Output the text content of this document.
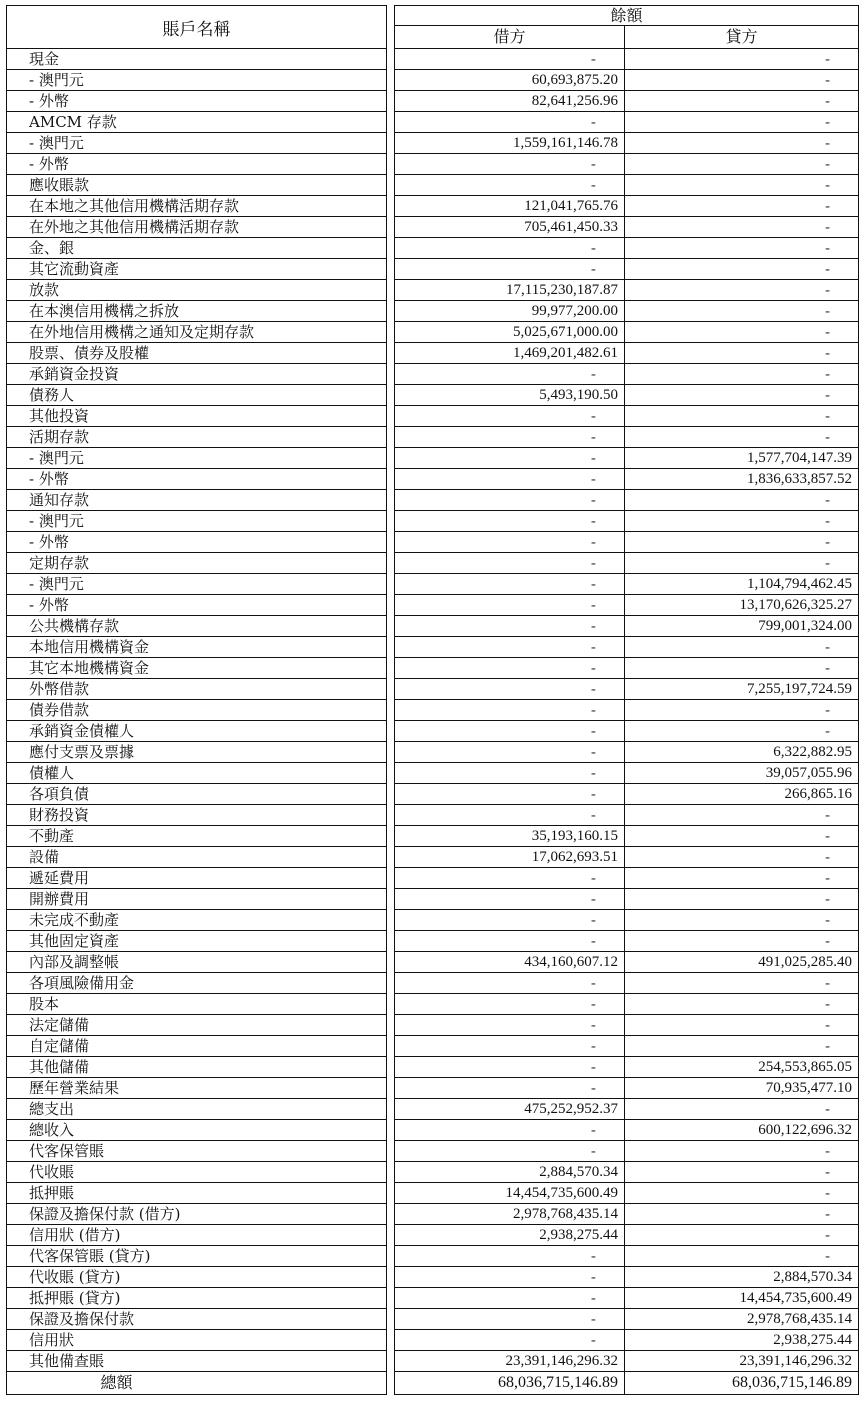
賬戶名稱		餘額	
		借方	貸方
現金		-	-
- 澳門元		60,693,875.20	-
- 外幣		82,641,256.96	-
AMCM 存款		-	-
- 澳門元		1,559,161,146.78	-
- 外幣		-	-
應收賬款		-	-
在本地之其他信用機構活期存款		121,041,765.76	-
在外地之其他信用機構活期存款		705,461,450.33	-
金、銀		-	-
其它流動資產		-	-
放款		17,115,230,187.87	-
在本澳信用機構之拆放		99,977,200.00	-
在外地信用機構之通知及定期存款		5,025,671,000.00	-
股票、債券及股權		1,469,201,482.61	-
承銷資金投資		-	-
債務人		5,493,190.50	-
其他投資		-	-
活期存款		-	-
- 澳門元		-	1,577,704,147.39
- 外幣		-	1,836,633,857.52
通知存款		-	-
- 澳門元		-	-
- 外幣		-	-
定期存款		-	-
- 澳門元		-	1,104,794,462.45
- 外幣		-	13,170,626,325.27
公共機構存款		-	799,001,324.00
本地信用機構資金		-	-
其它本地機構資金		-	-
外幣借款		-	7,255,197,724.59
債券借款		-	-
承銷資金債權人		-	-
應付支票及票據		-	6,322,882.95
債權人		-	39,057,055.96
各項負債		-	266,865.16
財務投資		-	-
不動產		35,193,160.15	-
設備		17,062,693.51	-
遞延費用		-	-
開辦費用		-	-
未完成不動產		-	-
其他固定資產		-	-
內部及調整帳		434,160,607.12	491,025,285.40
各項風險備用金		-	-
股本		-	-
法定儲備		-	-
自定儲備		-	-
其他儲備		-	254,553,865.05
歷年營業結果		-	70,935,477.10
總支出		475,252,952.37	-
總收入		-	600,122,696.32
代客保管賬		-	-
代收賬		2,884,570.34	-
抵押賬		14,454,735,600.49	-
保證及擔保付款 (借方)		2,978,768,435.14	-
信用狀 (借方)		2,938,275.44	-
代客保管賬 (貸方)		-	-
代收賬 (貸方)		-	2,884,570.34
抵押賬 (貸方)		-	14,454,735,600.49
保證及擔保付款		-	2,978,768,435.14
信用狀		-	2,938,275.44
其他備查賬		23,391,146,296.32	23,391,146,296.32
總額		68,036,715,146.89	68,036,715,146.89
